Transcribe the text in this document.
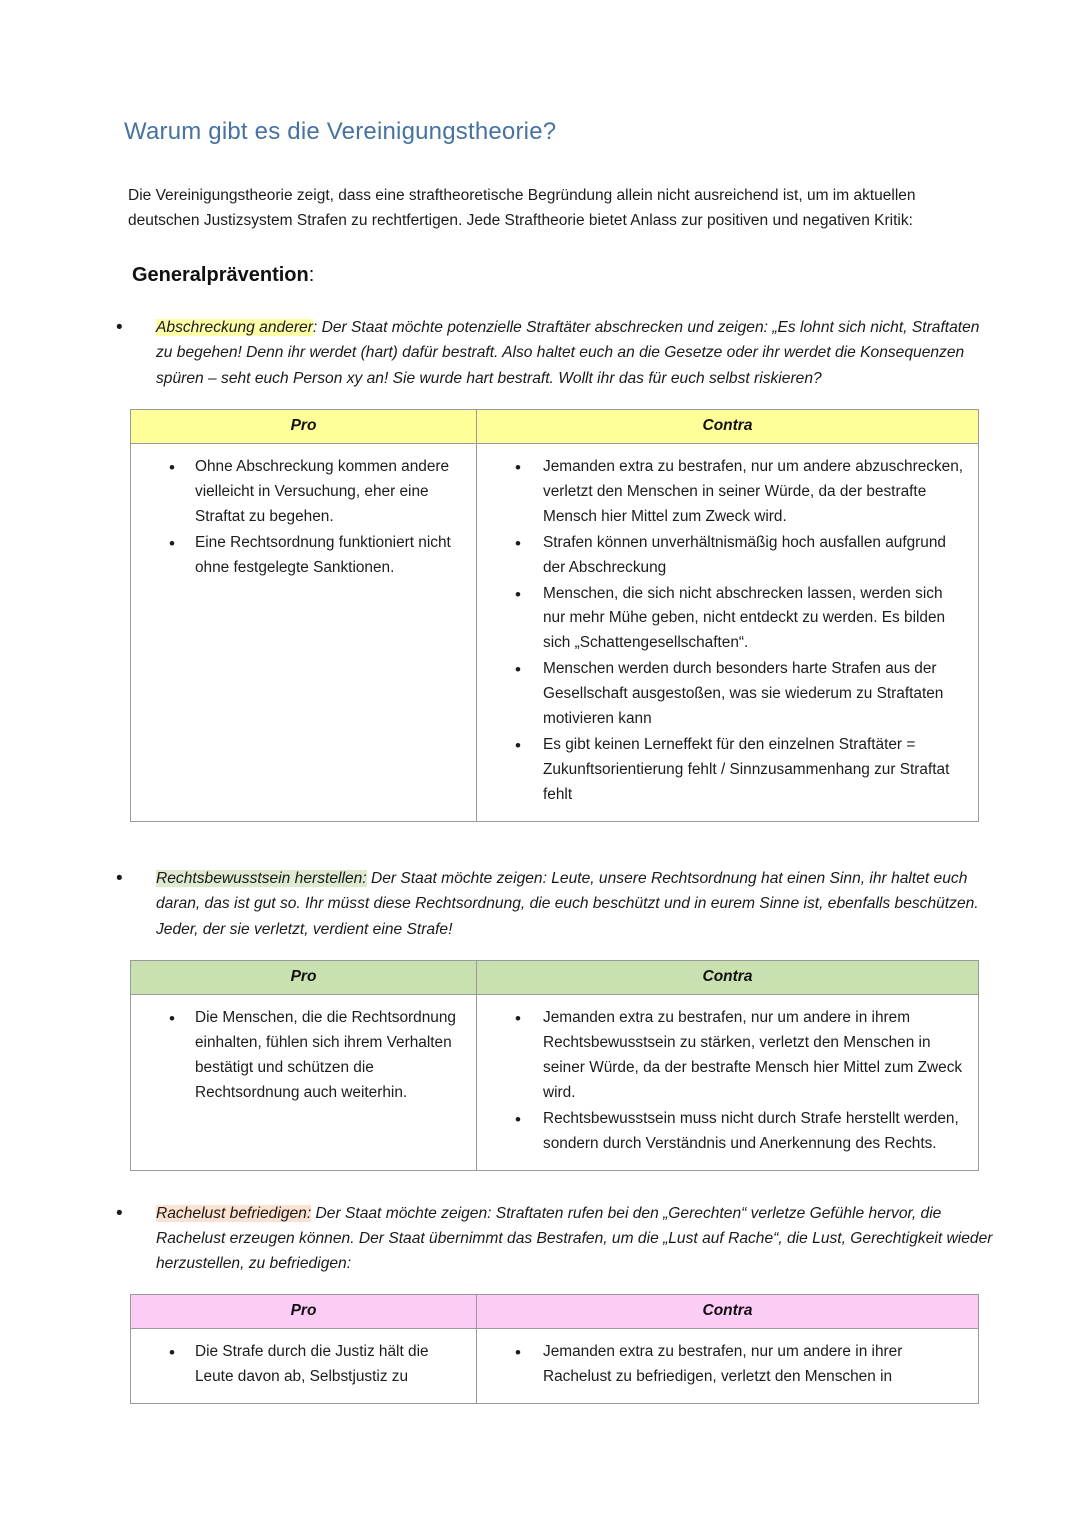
Warum gibt es die Vereinigungstheorie?

Die Vereinigungstheorie zeigt, dass eine straftheoretische Begründung allein nicht ausreichend ist, um im aktuellen deutschen Justizsystem Strafen zu rechtfertigen. Jede Straftheorie bietet Anlass zur positiven und negativen Kritik:

Generalprävention:
• Abschreckung anderer: Der Staat möchte potenzielle Straftäter abschrecken und zeigen: „Es lohnt sich nicht, Straftaten zu begehen! Denn ihr werdet (hart) dafür bestraft. Also haltet euch an die Gesetze oder ihr werdet die Konsequenzen spüren – seht euch Person xy an! Sie wurde hart bestraft. Wollt ihr das für euch selbst riskieren?
Pro	Contra

• Ohne Abschreckung kommen andere vielleicht in Versuchung, eher eine Straftat zu begehen.
• Eine Rechtsordnung funktioniert nicht ohne festgelegte Sanktionen.

• Jemanden extra zu bestrafen, nur um andere abzuschrecken, verletzt den Menschen in seiner Würde, da der bestrafte Mensch hier Mittel zum Zweck wird.
• Strafen können unverhältnismäßig hoch ausfallen aufgrund der Abschreckung
• Menschen, die sich nicht abschrecken lassen, werden sich nur mehr Mühe geben, nicht entdeckt zu werden. Es bilden sich „Schattengesellschaften“.
• Menschen werden durch besonders harte Strafen aus der Gesellschaft ausgestoßen, was sie wiederum zu Straftaten motivieren kann
• Es gibt keinen Lerneffekt für den einzelnen Straftäter = Zukunftsorientierung fehlt / Sinnzusammenhang zur Straftat fehlt
• Rechtsbewusstsein herstellen: Der Staat möchte zeigen: Leute, unsere Rechtsordnung hat einen Sinn, ihr haltet euch daran, das ist gut so. Ihr müsst diese Rechtsordnung, die euch beschützt und in eurem Sinne ist, ebenfalls beschützen. Jeder, der sie verletzt, verdient eine Strafe!
Pro	Contra

• Die Menschen, die die Rechtsordnung einhalten, fühlen sich ihrem Verhalten bestätigt und schützen die Rechtsordnung auch weiterhin.

• Jemanden extra zu bestrafen, nur um andere in ihrem Rechtsbewusstsein zu stärken, verletzt den Menschen in seiner Würde, da der bestrafte Mensch hier Mittel zum Zweck wird.
• Rechtsbewusstsein muss nicht durch Strafe herstellt werden, sondern durch Verständnis und Anerkennung des Rechts.
• Rachelust befriedigen: Der Staat möchte zeigen: Straftaten rufen bei den „Gerechten“ verletze Gefühle hervor, die Rachelust erzeugen können. Der Staat übernimmt das Bestrafen, um die „Lust auf Rache“, die Lust, Gerechtigkeit wieder herzustellen, zu befriedigen:
Pro	Contra

• Die Strafe durch die Justiz hält die Leute davon ab, Selbstjustiz zu

• Jemanden extra zu bestrafen, nur um andere in ihrer Rachelust zu befriedigen, verletzt den Menschen in
